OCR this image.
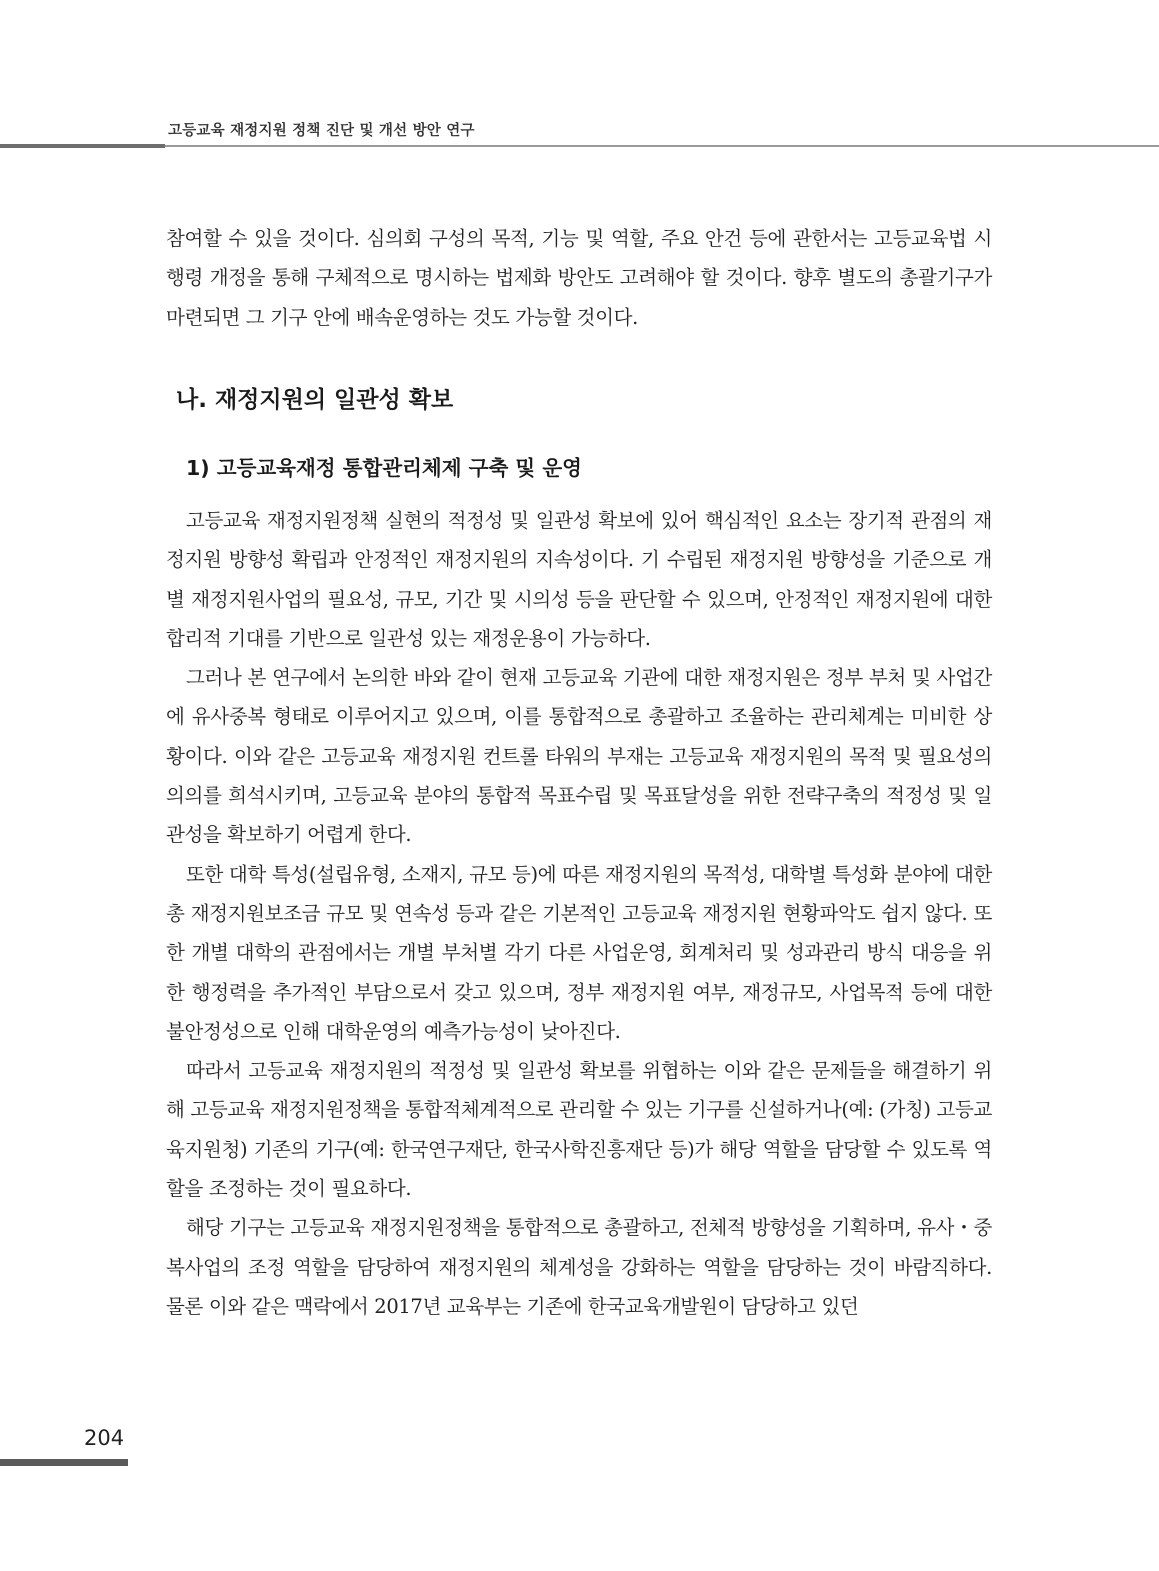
고등교육 재정지원 정책 진단 및 개선 방안 연구

참여할 수 있을 것이다. 심의회 구성의 목적, 기능 및 역할, 주요 안건 등에 관한서는 고등교육법 시행령 개정을 통해 구체적으로 명시하는 법제화 방안도 고려해야 할 것이다. 향후 별도의 총괄기구가 마련되면 그 기구 안에 배속운영하는 것도 가능할 것이다.

나. 재정지원의 일관성 확보
1) 고등교육재정 통합관리체제 구축 및 운영

고등교육 재정지원정책 실현의 적정성 및 일관성 확보에 있어 핵심적인 요소는 장기적 관점의 재정지원 방향성 확립과 안정적인 재정지원의 지속성이다. 기 수립된 재정지원 방향성을 기준으로 개별 재정지원사업의 필요성, 규모, 기간 및 시의성 등을 판단할 수 있으며, 안정적인 재정지원에 대한 합리적 기대를 기반으로 일관성 있는 재정운용이 가능하다.

그러나 본 연구에서 논의한 바와 같이 현재 고등교육 기관에 대한 재정지원은 정부 부처 및 사업간에 유사중복 형태로 이루어지고 있으며, 이를 통합적으로 총괄하고 조율하는 관리체계는 미비한 상황이다. 이와 같은 고등교육 재정지원 컨트롤 타워의 부재는 고등교육 재정지원의 목적 및 필요성의 의의를 희석시키며, 고등교육 분야의 통합적 목표수립 및 목표달성을 위한 전략구축의 적정성 및 일관성을 확보하기 어렵게 한다.

또한 대학 특성(설립유형, 소재지, 규모 등)에 따른 재정지원의 목적성, 대학별 특성화 분야에 대한 총 재정지원보조금 규모 및 연속성 등과 같은 기본적인 고등교육 재정지원 현황파악도 쉽지 않다. 또한 개별 대학의 관점에서는 개별 부처별 각기 다른 사업운영, 회계처리 및 성과관리 방식 대응을 위한 행정력을 추가적인 부담으로서 갖고 있으며, 정부 재정지원 여부, 재정규모, 사업목적 등에 대한 불안정성으로 인해 대학운영의 예측가능성이 낮아진다.

따라서 고등교육 재정지원의 적정성 및 일관성 확보를 위협하는 이와 같은 문제들을 해결하기 위해 고등교육 재정지원정책을 통합적체계적으로 관리할 수 있는 기구를 신설하거나(예: (가칭) 고등교육지원청) 기존의 기구(예: 한국연구재단, 한국사학진흥재단 등)가 해당 역할을 담당할 수 있도록 역할을 조정하는 것이 필요하다.

해당 기구는 고등교육 재정지원정책을 통합적으로 총괄하고, 전체적 방향성을 기획하며, 유사・중복사업의 조정 역할을 담당하여 재정지원의 체계성을 강화하는 역할을 담당하는 것이 바람직하다. 물론 이와 같은 맥락에서 2017년 교육부는 기존에 한국교육개발원이 담당하고 있던

204
